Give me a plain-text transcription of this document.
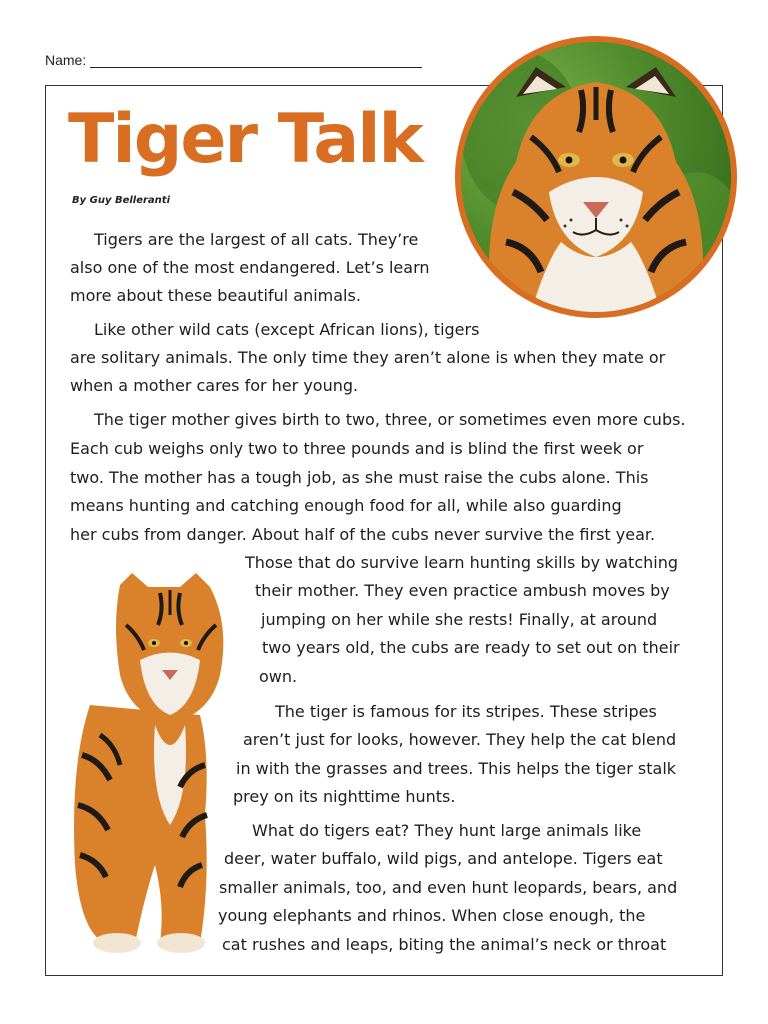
Name:
Tiger Talk
By Guy Belleranti
Tigers are the largest of all cats. They’re
also one of the most endangered. Let’s learn
more about these beautiful animals.
Like other wild cats (except African lions), tigers
are solitary animals. The only time they aren’t alone is when they mate or
when a mother cares for her young.
The tiger mother gives birth to two, three, or sometimes even more cubs.
Each cub weighs only two to three pounds and is blind the first week or
two. The mother has a tough job, as she must raise the cubs alone. This
means hunting and catching enough food for all, while also guarding
her cubs from danger. About half of the cubs never survive the first year.
Those that do survive learn hunting skills by watching
their mother. They even practice ambush moves by
jumping on her while she rests! Finally, at around
two years old, the cubs are ready to set out on their
own.
The tiger is famous for its stripes. These stripes
aren’t just for looks, however. They help the cat blend
in with the grasses and trees. This helps the tiger stalk
prey on its nighttime hunts.
What do tigers eat? They hunt large animals like
deer, water buffalo, wild pigs, and antelope. Tigers eat
smaller animals, too, and even hunt leopards, bears, and
young elephants and rhinos. When close enough, the
cat rushes and leaps, biting the animal’s neck or throat
